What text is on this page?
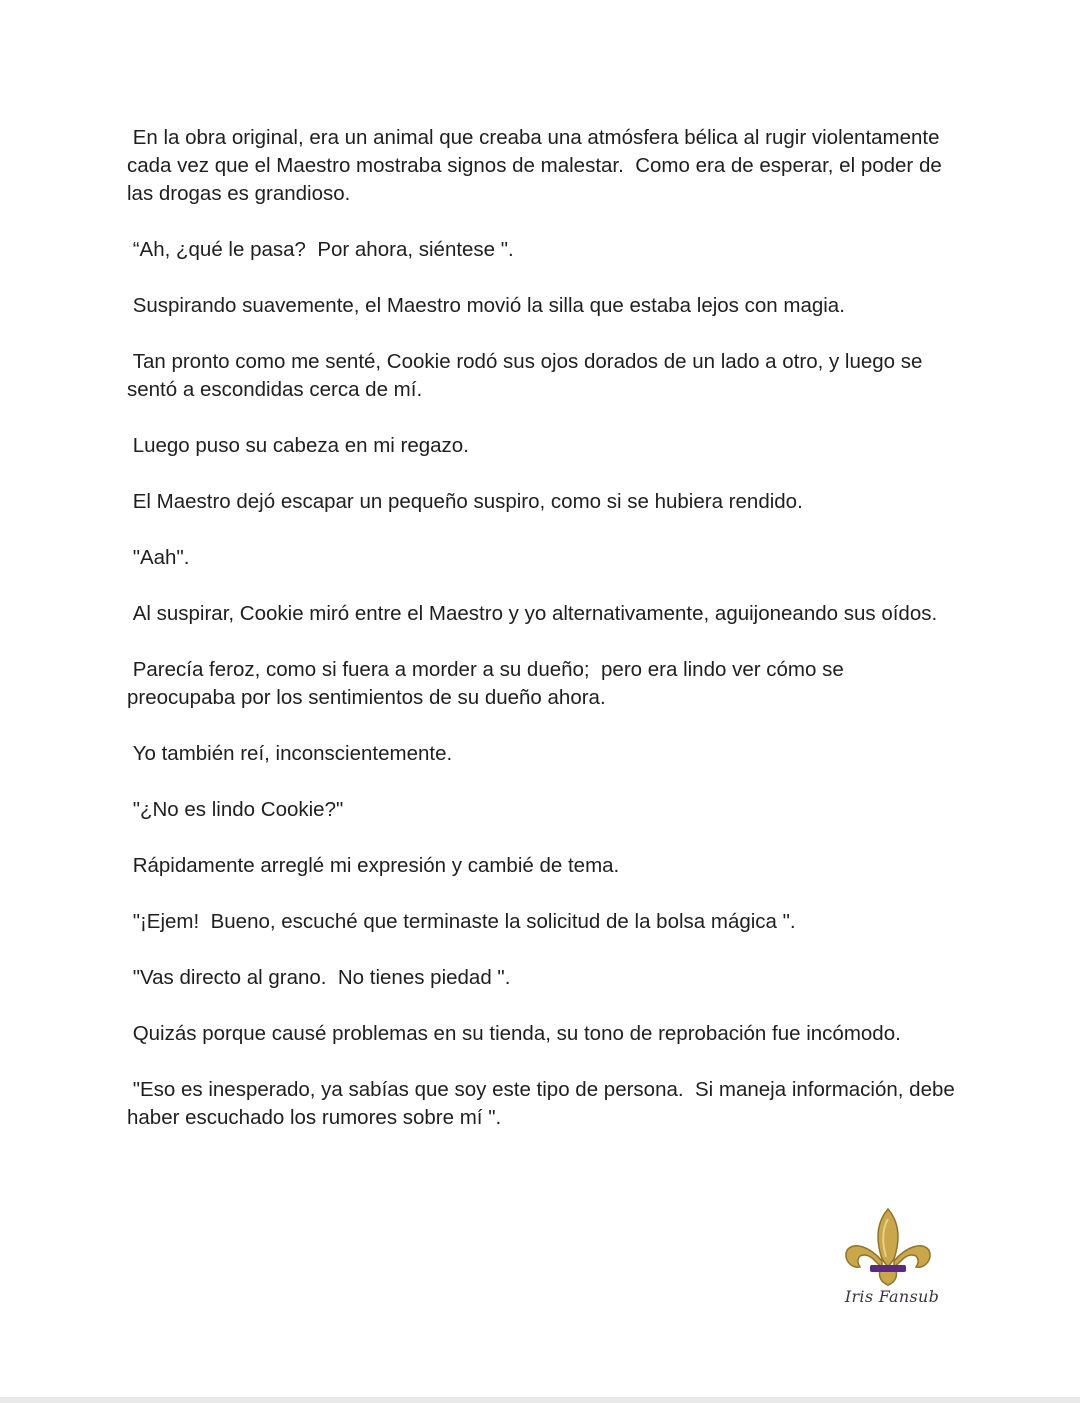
En la obra original, era un animal que creaba una atmósfera bélica al rugir violentamente cada vez que el Maestro mostraba signos de malestar.  Como era de esperar, el poder de las drogas es grandioso.

“Ah, ¿qué le pasa?  Por ahora, siéntese ".

Suspirando suavemente, el Maestro movió la silla que estaba lejos con magia.

Tan pronto como me senté, Cookie rodó sus ojos dorados de un lado a otro, y luego se sentó a escondidas cerca de mí.

Luego puso su cabeza en mi regazo.

El Maestro dejó escapar un pequeño suspiro, como si se hubiera rendido.

"Aah".

Al suspirar, Cookie miró entre el Maestro y yo alternativamente, aguijoneando sus oídos.

Parecía feroz, como si fuera a morder a su dueño;  pero era lindo ver cómo se preocupaba por los sentimientos de su dueño ahora.

Yo también reí, inconscientemente.

"¿No es lindo Cookie?"

Rápidamente arreglé mi expresión y cambié de tema.

"¡Ejem!  Bueno, escuché que terminaste la solicitud de la bolsa mágica ".

"Vas directo al grano.  No tienes piedad ".

Quizás porque causé problemas en su tienda, su tono de reprobación fue incómodo.

"Eso es inesperado, ya sabías que soy este tipo de persona.  Si maneja información, debe haber escuchado los rumores sobre mí ".

Iris Fansub
